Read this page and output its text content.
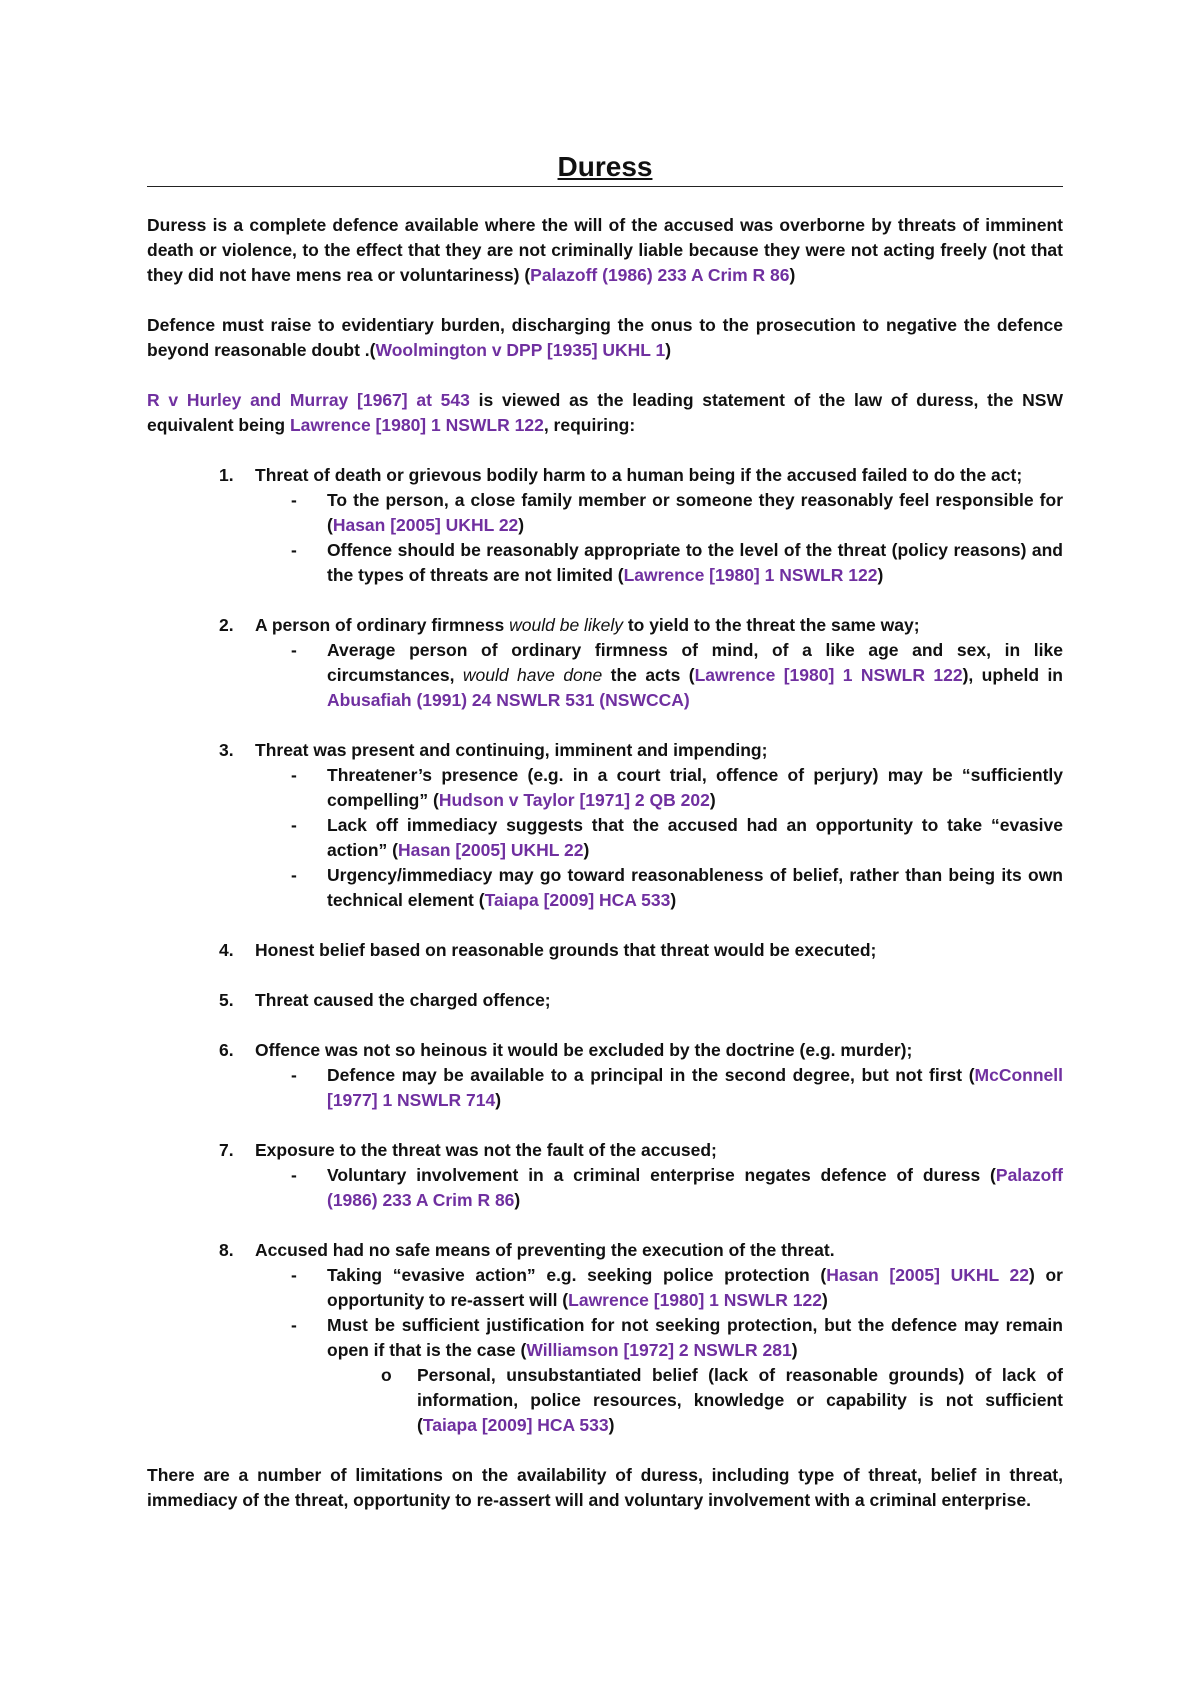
Duress

Duress is a complete defence available where the will of the accused was overborne by threats of imminent death or violence, to the effect that they are not criminally liable because they were not acting freely (not that they did not have mens rea or voluntariness) (Palazoff (1986) 233 A Crim R 86)

Defence must raise to evidentiary burden, discharging the onus to the prosecution to negative the defence beyond reasonable doubt .(Woolmington v DPP [1935] UKHL 1)

R v Hurley and Murray [1967] at 543 is viewed as the leading statement of the law of duress, the NSW equivalent being Lawrence [1980] 1 NSWLR 122, requiring:

1.	Threat of death or grievous bodily harm to a human being if the accused failed to do the act;
-	To the person, a close family member or someone they reasonably feel responsible for (Hasan [2005] UKHL 22)
-	Offence should be reasonably appropriate to the level of the threat (policy reasons) and the types of threats are not limited (Lawrence [1980] 1 NSWLR 122)
2.	A person of ordinary firmness would be likely to yield to the threat the same way;
-	Average person of ordinary firmness of mind, of a like age and sex, in like circumstances, would have done the acts (Lawrence [1980] 1 NSWLR 122), upheld in Abusafiah (1991) 24 NSWLR 531 (NSWCCA)
3.	Threat was present and continuing, imminent and impending;
-	Threatener’s presence (e.g. in a court trial, offence of perjury) may be “sufficiently compelling” (Hudson v Taylor [1971] 2 QB 202)
-	Lack off immediacy suggests that the accused had an opportunity to take “evasive action” (Hasan [2005] UKHL 22)
-	Urgency/immediacy may go toward reasonableness of belief, rather than being its own technical element (Taiapa [2009] HCA 533)
4.	Honest belief based on reasonable grounds that threat would be executed;
5.	Threat caused the charged offence;
6.	Offence was not so heinous it would be excluded by the doctrine (e.g. murder);
-	Defence may be available to a principal in the second degree, but not first (McConnell [1977] 1 NSWLR 714)
7.	Exposure to the threat was not the fault of the accused;
-	Voluntary involvement in a criminal enterprise negates defence of duress (Palazoff (1986) 233 A Crim R 86)
8.	Accused had no safe means of preventing the execution of the threat.
-	Taking “evasive action” e.g. seeking police protection (Hasan [2005] UKHL 22) or opportunity to re-assert will (Lawrence [1980] 1 NSWLR 122)
-	Must be sufficient justification for not seeking protection, but the defence may remain open if that is the case (Williamson [1972] 2 NSWLR 281)
o	Personal, unsubstantiated belief (lack of reasonable grounds) of lack of information, police resources, knowledge or capability is not sufficient (Taiapa [2009] HCA 533)

There are a number of limitations on the availability of duress, including type of threat, belief in threat, immediacy of the threat, opportunity to re-assert will and voluntary involvement with a criminal enterprise.
